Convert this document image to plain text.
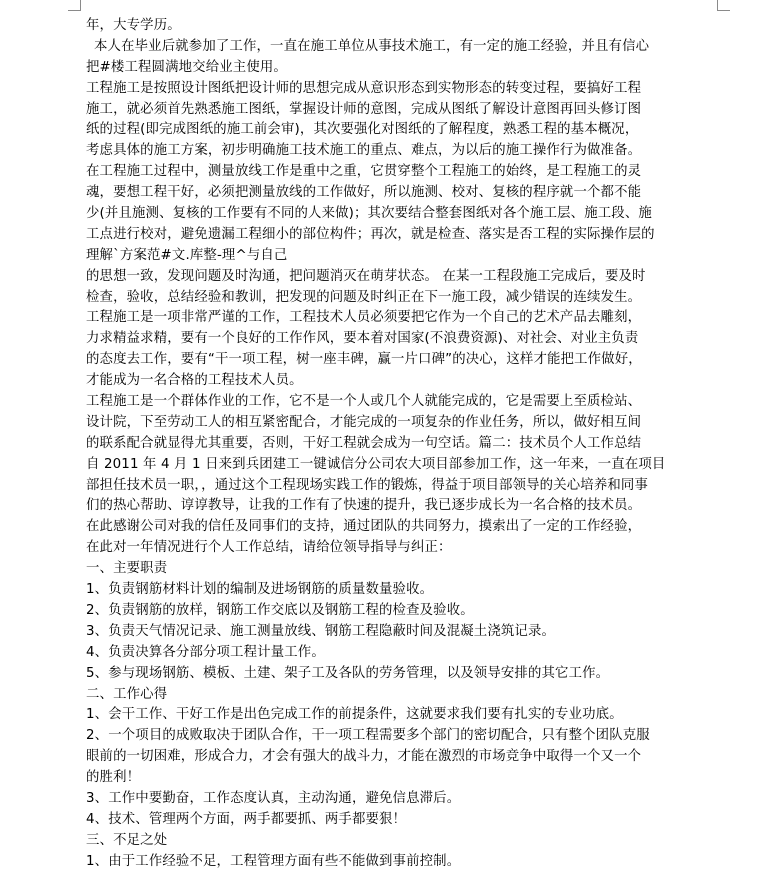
年，大专学历。
本人在毕业后就参加了工作，一直在施工单位从事技术施工，有一定的施工经验，并且有信心
把#楼工程圆满地交给业主使用。
工程施工是按照设计图纸把设计师的思想完成从意识形态到实物形态的转变过程，要搞好工程
施工，就必须首先熟悉施工图纸，掌握设计师的意图，完成从图纸了解设计意图再回头修订图
纸的过程(即完成图纸的施工前会审)，其次要强化对图纸的了解程度，熟悉工程的基本概况，
考虑具体的施工方案，初步明确施工技术施工的重点、难点，为以后的施工操作行为做准备。
在工程施工过程中，测量放线工作是重中之重，它贯穿整个工程施工的始终，是工程施工的灵
魂，要想工程干好，必须把测量放线的工作做好，所以施测、校对、复核的程序就一个都不能
少(并且施测、复核的工作要有不同的人来做)；其次要结合整套图纸对各个施工层、施工段、施
工点进行校对，避免遗漏工程细小的部位构件；再次，就是检查、落实是否工程的实际操作层的
理解`方案范#文.库整-理^与自己
的思想一致，发现问题及时沟通，把问题消灭在萌芽状态。 在某一工程段施工完成后，要及时
检查，验收，总结经验和教训，把发现的问题及时纠正在下一施工段，减少错误的连续发生。
工程施工是一项非常严谨的工作，工程技术人员必须要把它作为一个自己的艺术产品去雕刻，
力求精益求精，要有一个良好的工作作风，要本着对国家(不浪费资源)、对社会、对业主负责
的态度去工作，要有“干一项工程，树一座丰碑，赢一片口碑”的决心，这样才能把工作做好，
才能成为一名合格的工程技术人员。
工程施工是一个群体作业的工作，它不是一个人或几个人就能完成的，它是需要上至质检站、
设计院，下至劳动工人的相互紧密配合，才能完成的一项复杂的作业任务，所以，做好相互间
的联系配合就显得尤其重要，否则，干好工程就会成为一句空话。篇二：技术员个人工作总结
自 2011 年 4 月 1 日来到兵团建工一键诚信分公司农大项目部参加工作，这一年来，一直在项目
部担任技术员一职，，通过这个工程现场实践工作的锻炼，得益于项目部领导的关心培养和同事
们的热心帮助、谆谆教导，让我的工作有了快速的提升，我已逐步成长为一名合格的技术员。
在此感谢公司对我的信任及同事们的支持，通过团队的共同努力，摸索出了一定的工作经验，
在此对一年情况进行个人工作总结，请给位领导指导与纠正：
一、主要职责
1、负责钢筋材料计划的编制及进场钢筋的质量数量验收。
2、负责钢筋的放样，钢筋工作交底以及钢筋工程的检查及验收。
3、负责天气情况记录、施工测量放线、钢筋工程隐蔽时间及混凝土浇筑记录。
4、负责决算各分部分项工程计量工作。
5、参与现场钢筋、模板、土建、架子工及各队的劳务管理，以及领导安排的其它工作。
二、工作心得
1、会干工作、干好工作是出色完成工作的前提条件，这就要求我们要有扎实的专业功底。
2、一个项目的成败取决于团队合作，干一项工程需要多个部门的密切配合，只有整个团队克服
眼前的一切困难，形成合力，才会有强大的战斗力，才能在激烈的市场竞争中取得一个又一个
的胜利！
3、工作中要勤奋，工作态度认真，主动沟通，避免信息滞后。
4、技术、管理两个方面，两手都要抓、两手都要狠！
三、不足之处
1、由于工作经验不足，工程管理方面有些不能做到事前控制。
